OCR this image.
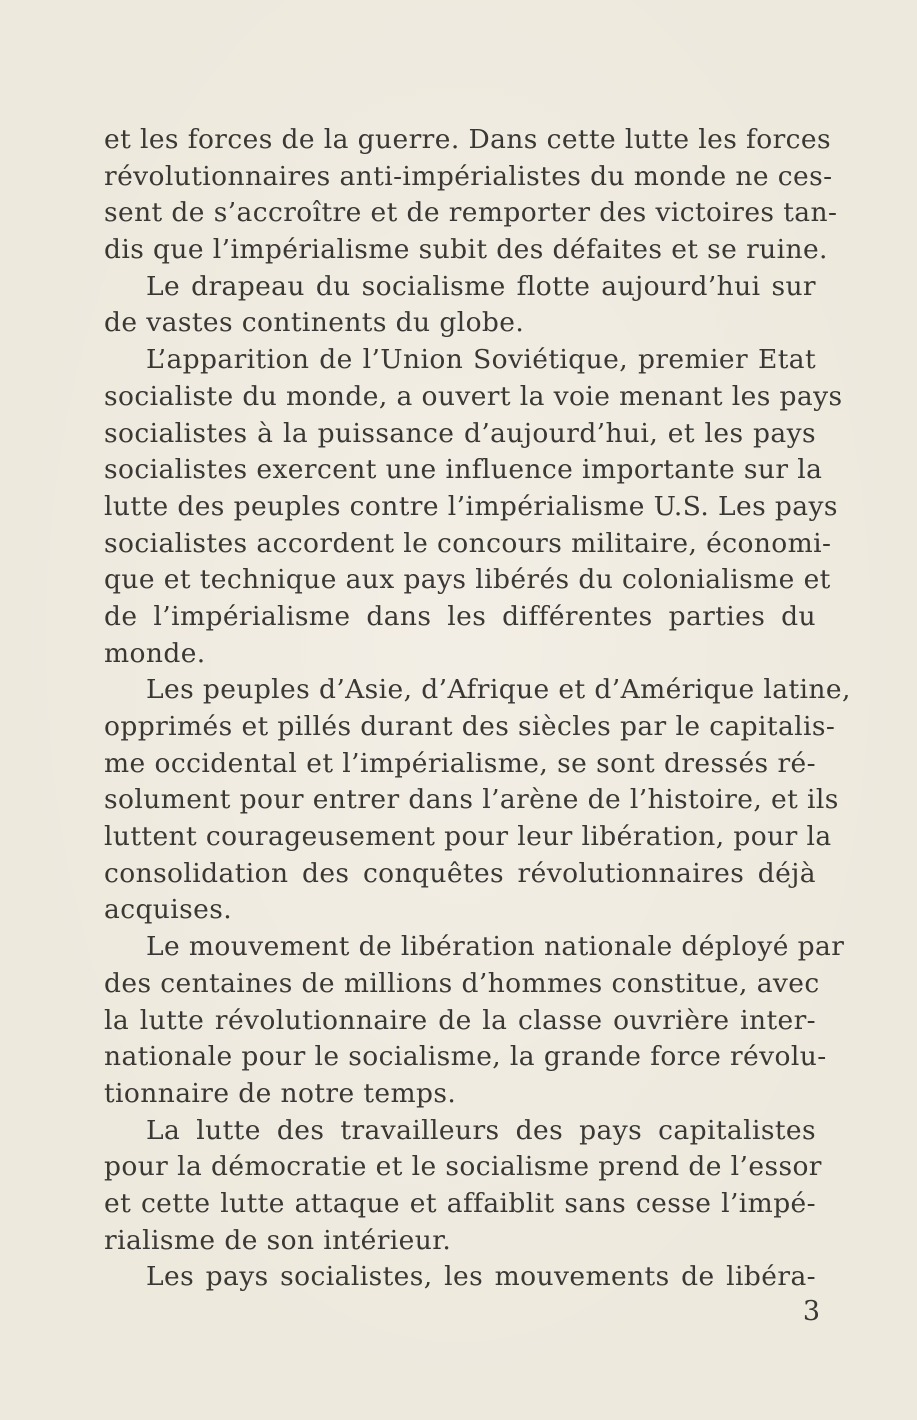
et les forces de la guerre. Dans cette lutte les forces
révolutionnaires anti-impérialistes du monde ne ces-
sent de s’accroître et de remporter des victoires tan-
dis que l’impérialisme subit des défaites et se ruine.
Le drapeau du socialisme flotte aujourd’hui sur
de vastes continents du globe.
L’apparition de l’Union Soviétique, premier Etat
socialiste du monde, a ouvert la voie menant les pays
socialistes à la puissance d’aujourd’hui, et les pays
socialistes exercent une influence importante sur la
lutte des peuples contre l’impérialisme U.S. Les pays
socialistes accordent le concours militaire, économi-
que et technique aux pays libérés du colonialisme et
de l’impérialisme dans les différentes parties du
monde.
Les peuples d’Asie, d’Afrique et d’Amérique latine,
opprimés et pillés durant des siècles par le capitalis-
me occidental et l’impérialisme, se sont dressés ré-
solument pour entrer dans l’arène de l’histoire, et ils
luttent courageusement pour leur libération, pour la
consolidation des conquêtes révolutionnaires déjà
acquises.
Le mouvement de libération nationale déployé par
des centaines de millions d’hommes constitue, avec
la lutte révolutionnaire de la classe ouvrière inter-
nationale pour le socialisme, la grande force révolu-
tionnaire de notre temps.
La lutte des travailleurs des pays capitalistes
pour la démocratie et le socialisme prend de l’essor
et cette lutte attaque et affaiblit sans cesse l’impé-
rialisme de son intérieur.
Les pays socialistes, les mouvements de libéra-
3
